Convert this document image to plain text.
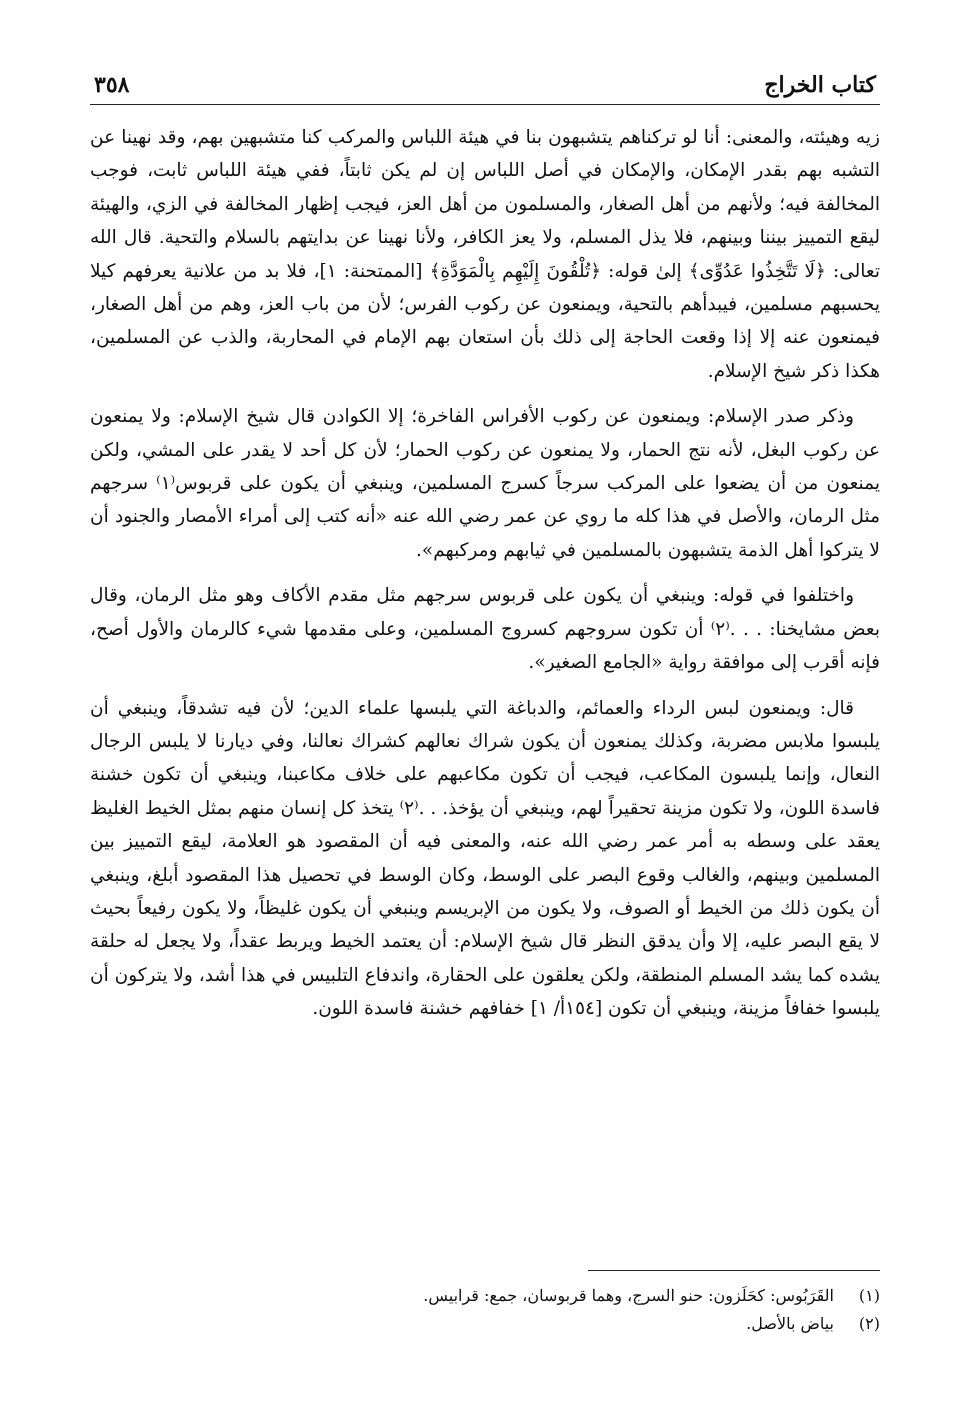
كتاب الخراج
٣٥٨

زيه وهيئته، والمعنى: أنا لو تركناهم يتشبهون بنا في هيئة اللباس والمركب كنا متشبهين بهم، وقد نهينا عن التشبه بهم بقدر الإمكان، والإمكان في أصل اللباس إن لم يكن ثابتاً، ففي هيئة اللباس ثابت، فوجب المخالفة فيه؛ ولأنهم من أهل الصغار، والمسلمون من أهل العز، فيجب إظهار المخالفة في الزي، والهيئة ليقع التمييز بيننا وبينهم، فلا يذل المسلم، ولا يعز الكافر، ولأنا نهينا عن بدايتهم بالسلام والتحية. قال الله تعالى: ﴿لَا تَتَّخِذُوا عَدُوِّى﴾ إلىٰ قوله: ﴿تُلْقُونَ إِلَيْهِم بِالْمَوَدَّةِ﴾ [الممتحنة: ١]، فلا بد من علانية يعرفهم كيلا يحسبهم مسلمين، فيبدأهم بالتحية، ويمنعون عن ركوب الفرس؛ لأن من باب العز، وهم من أهل الصغار، فيمنعون عنه إلا إذا وقعت الحاجة إلى ذلك بأن استعان بهم الإمام في المحاربة، والذب عن المسلمين، هكذا ذكر شيخ الإسلام.

وذكر صدر الإسلام: ويمنعون عن ركوب الأفراس الفاخرة؛ إلا الكوادن قال شيخ الإسلام: ولا يمنعون عن ركوب البغل، لأنه نتج الحمار، ولا يمنعون عن ركوب الحمار؛ لأن كل أحد لا يقدر على المشي، ولكن يمنعون من أن يضعوا على المركب سرجاً كسرج المسلمين، وينبغي أن يكون على قربوس⁽١⁾ سرجهم مثل الرمان، والأصل في هذا كله ما روي عن عمر رضي الله عنه «أنه كتب إلى أمراء الأمصار والجنود أن لا يتركوا أهل الذمة يتشبهون بالمسلمين في ثيابهم ومركبهم».

واختلفوا في قوله: وينبغي أن يكون على قربوس سرجهم مثل مقدم الأكاف وهو مثل الرمان، وقال بعض مشايخنا: . . .⁽٢⁾ أن تكون سروجهم كسروج المسلمين، وعلى مقدمها شيء كالرمان والأول أصح، فإنه أقرب إلى موافقة رواية «الجامع الصغير».

قال: ويمنعون لبس الرداء والعمائم، والدباغة التي يلبسها علماء الدين؛ لأن فيه تشدقاً، وينبغي أن يلبسوا ملابس مضربة، وكذلك يمنعون أن يكون شراك نعالهم كشراك نعالنا، وفي ديارنا لا يلبس الرجال النعال، وإنما يلبسون المكاعب، فيجب أن تكون مكاعبهم على خلاف مكاعبنا، وينبغي أن تكون خشنة فاسدة اللون، ولا تكون مزينة تحقيراً لهم، وينبغي أن يؤخذ. . .⁽٢⁾ يتخذ كل إنسان منهم بمثل الخيط الغليظ يعقد على وسطه به أمر عمر رضي الله عنه، والمعنى فيه أن المقصود هو العلامة، ليقع التمييز بين المسلمين وبينهم، والغالب وقوع البصر على الوسط، وكان الوسط في تحصيل هذا المقصود أبلغ، وينبغي أن يكون ذلك من الخيط أو الصوف، ولا يكون من الإبريسم وينبغي أن يكون غليظاً، ولا يكون رفيعاً بحيث لا يقع البصر عليه، إلا وأن يدقق النظر قال شيخ الإسلام: أن يعتمد الخيط ويربط عقداً، ولا يجعل له حلقة يشده كما يشد المسلم المنطقة، ولكن يعلقون على الحقارة، واندفاع التلبيس في هذا أشد، ولا يتركون أن يلبسوا خفافاً مزينة، وينبغي أن تكون [١٥٤أ/ ١] خفافهم خشنة فاسدة اللون.

(١)
القَرَبُوس: كحَلَزون: حنو السرج، وهما قربوسان، جمع: قرابيس.
(٢)
بياض بالأصل.
